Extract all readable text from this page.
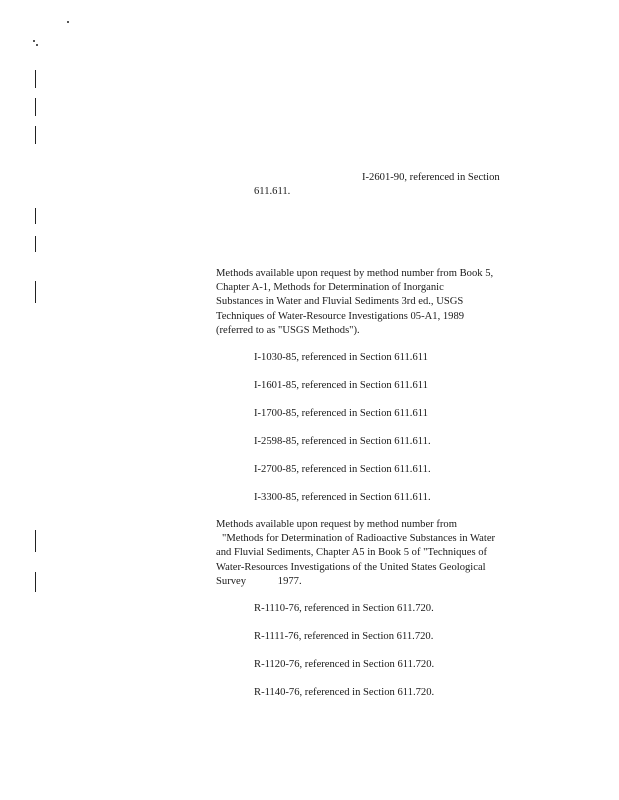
I-2601-90, referenced in Section
611.611.
Methods available upon request by method number from Book 5,
Chapter A-1, Methods for Determination of Inorganic
Substances in Water and Fluvial Sediments 3rd ed., USGS
Techniques of Water-Resource Investigations 05-A1, 1989
(referred to as "USGS Methods").
I-1030-85, referenced in Section 611.611
I-1601-85, referenced in Section 611.611
I-1700-85, referenced in Section 611.611
I-2598-85, referenced in Section 611.611.
I-2700-85, referenced in Section 611.611.
I-3300-85, referenced in Section 611.611.
Methods available upon request by method number from
"Methods for Determination of Radioactive Substances in Water
and Fluvial Sediments, Chapter A5 in Book 5 of "Techniques of
Water-Resources Investigations of the United States Geological
Survey            1977.
R-1110-76, referenced in Section 611.720.
R-1111-76, referenced in Section 611.720.
R-1120-76, referenced in Section 611.720.
R-1140-76, referenced in Section 611.720.
